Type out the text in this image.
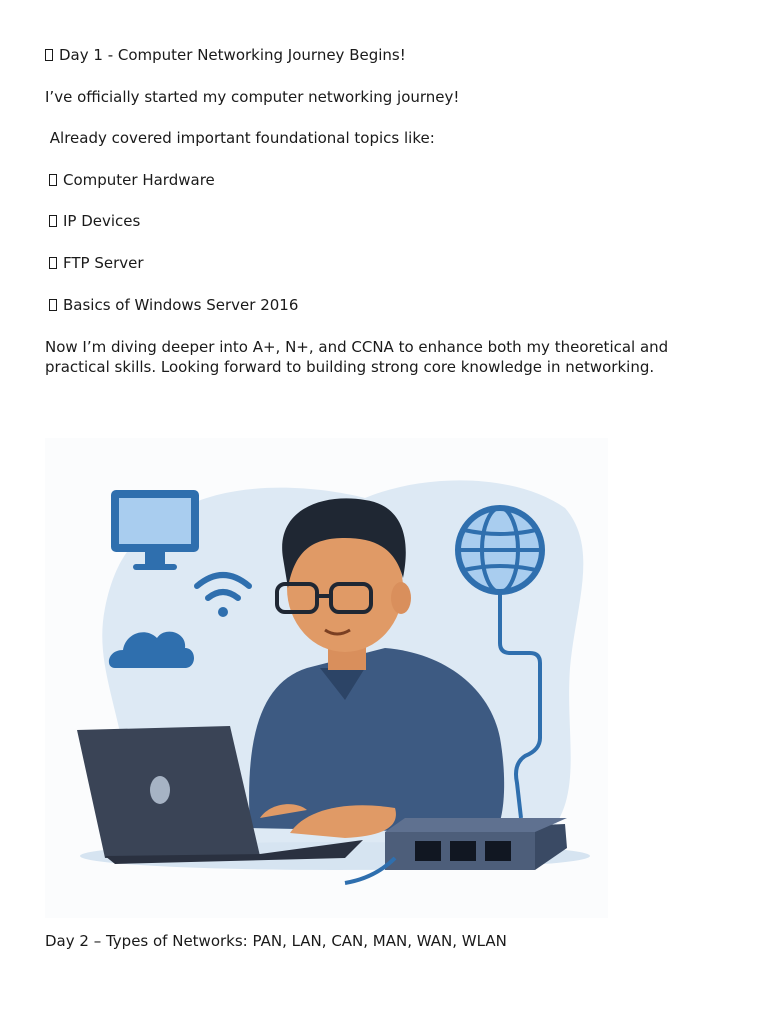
Day 1 - Computer Networking Journey Begins!

I’ve officially started my computer networking journey!

Already covered important foundational topics like:

Computer Hardware

IP Devices

FTP Server

Basics of Windows Server 2016

Now I’m diving deeper into A+, N+, and CCNA to enhance both my theoretical and practical skills. Looking forward to building strong core knowledge in networking.

Day 2 – Types of Networks: PAN, LAN, CAN, MAN, WAN, WLAN
